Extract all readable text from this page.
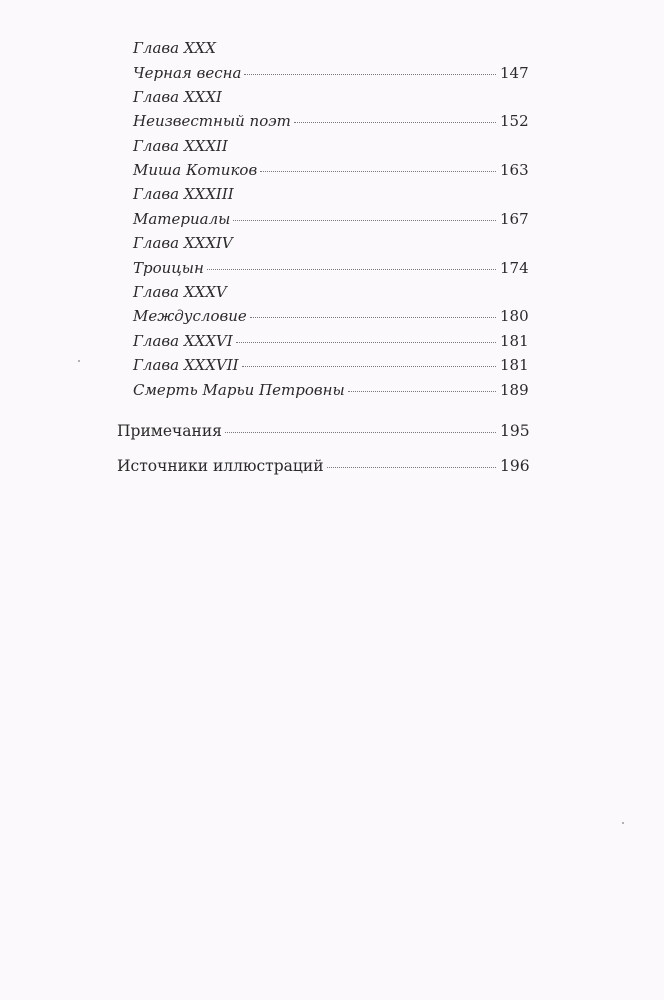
Глава XXX
Черная весна	147
Глава XXXI
Неизвестный поэт	152
Глава XXXII
Миша Котиков	163
Глава XXXIII
Материалы	167
Глава XXXIV
Троицын	174
Глава XXXV
Междусловие	180
Глава XXXVI	181
Глава XXXVII	181
Смерть Марьи Петровны	189
Примечания	195
Источники иллюстраций	196
